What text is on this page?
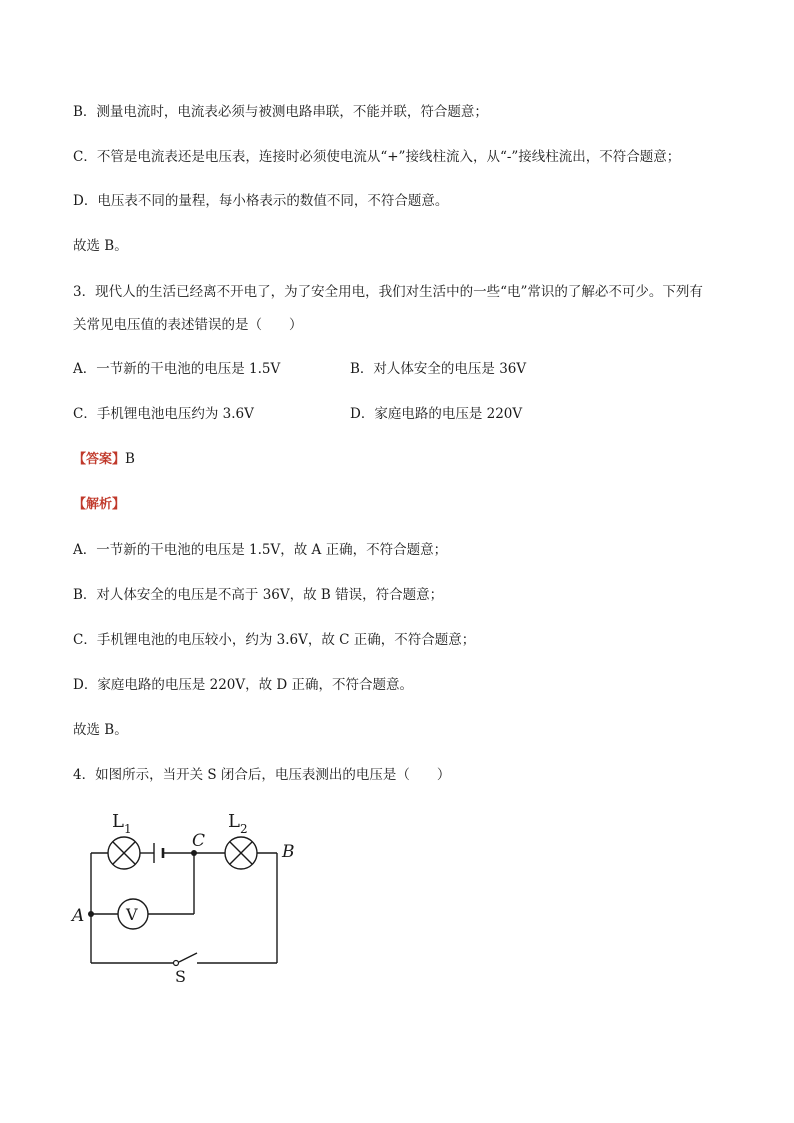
B．测量电流时，电流表必须与被测电路串联，不能并联，符合题意；

C．不管是电流表还是电压表，连接时必须使电流从“+”接线柱流入，从“-”接线柱流出，不符合题意；

D．电压表不同的量程，每小格表示的数值不同，不符合题意。

故选 B。

3．现代人的生活已经离不开电了，为了安全用电，我们对生活中的一些“电”常识的了解必不可少。下列有

关常见电压值的表述错误的是（　　）

A．一节新的干电池的电压是 1.5V	B．对人体安全的电压是 36V

C．手机锂电池电压约为 3.6V	D．家庭电路的电压是 220V

【答案】B

【解析】

A．一节新的干电池的电压是 1.5V，故 A 正确，不符合题意；

B．对人体安全的电压是不高于 36V，故 B 错误，符合题意；

C．手机锂电池的电压较小，约为 3.6V，故 C 正确，不符合题意；

D．家庭电路的电压是 220V，故 D 正确，不符合题意。

故选 B。

4．如图所示，当开关 S 闭合后，电压表测出的电压是（　　）

$L_1$	$L_2$
C
B
A	V
S
